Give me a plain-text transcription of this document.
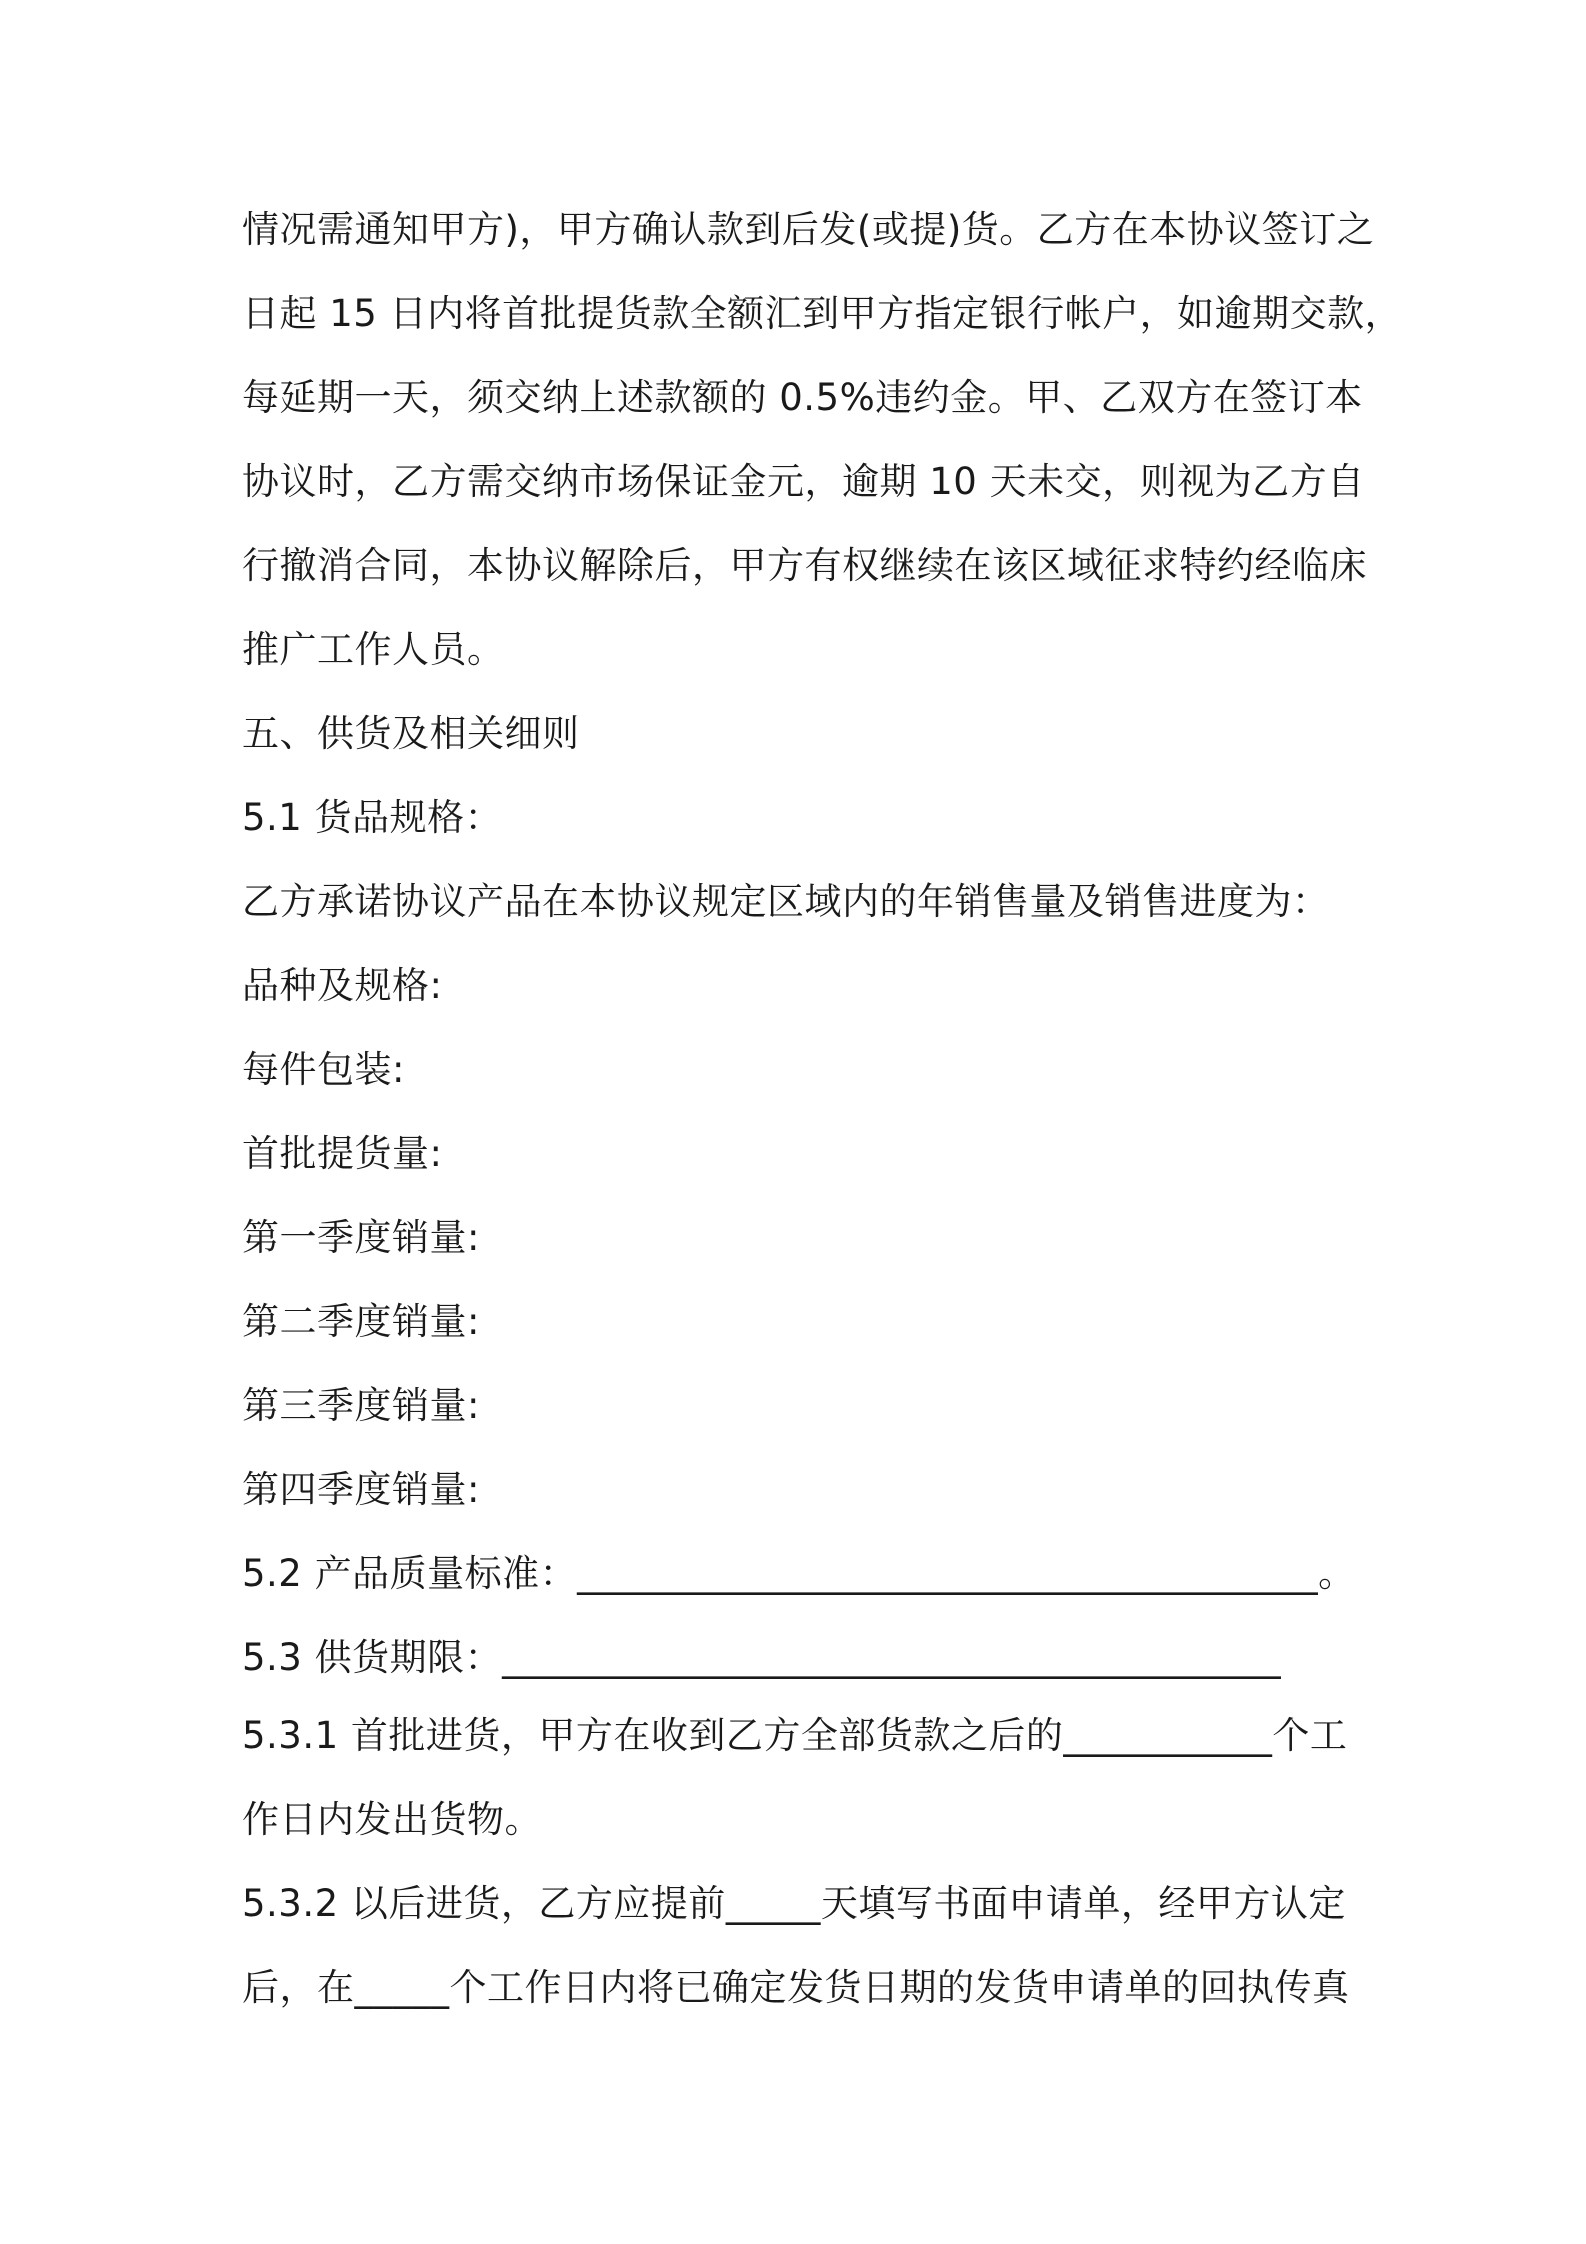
情况需通知甲方)，甲方确认款到后发(或提)货。乙方在本协议签订之

日起 15 日内将首批提货款全额汇到甲方指定银行帐户，如逾期交款，

每延期一天，须交纳上述款额的 0.5%违约金。甲、乙双方在签订本

协议时，乙方需交纳市场保证金元，逾期 10 天未交，则视为乙方自

行撤消合同，本协议解除后，甲方有权继续在该区域征求特约经临床

推广工作人员。

五、供货及相关细则

5.1 货品规格：

乙方承诺协议产品在本协议规定区域内的年销售量及销售进度为：

品种及规格:

每件包装:

首批提货量:

第一季度销量:

第二季度销量:

第三季度销量:

第四季度销量:

5.2 产品质量标准：_______________________________________。

5.3 供货期限：_________________________________________

5.3.1 首批进货，甲方在收到乙方全部货款之后的___________个工

作日内发出货物。

5.3.2 以后进货，乙方应提前_____天填写书面申请单，经甲方认定

后，在_____个工作日内将已确定发货日期的发货申请单的回执传真
